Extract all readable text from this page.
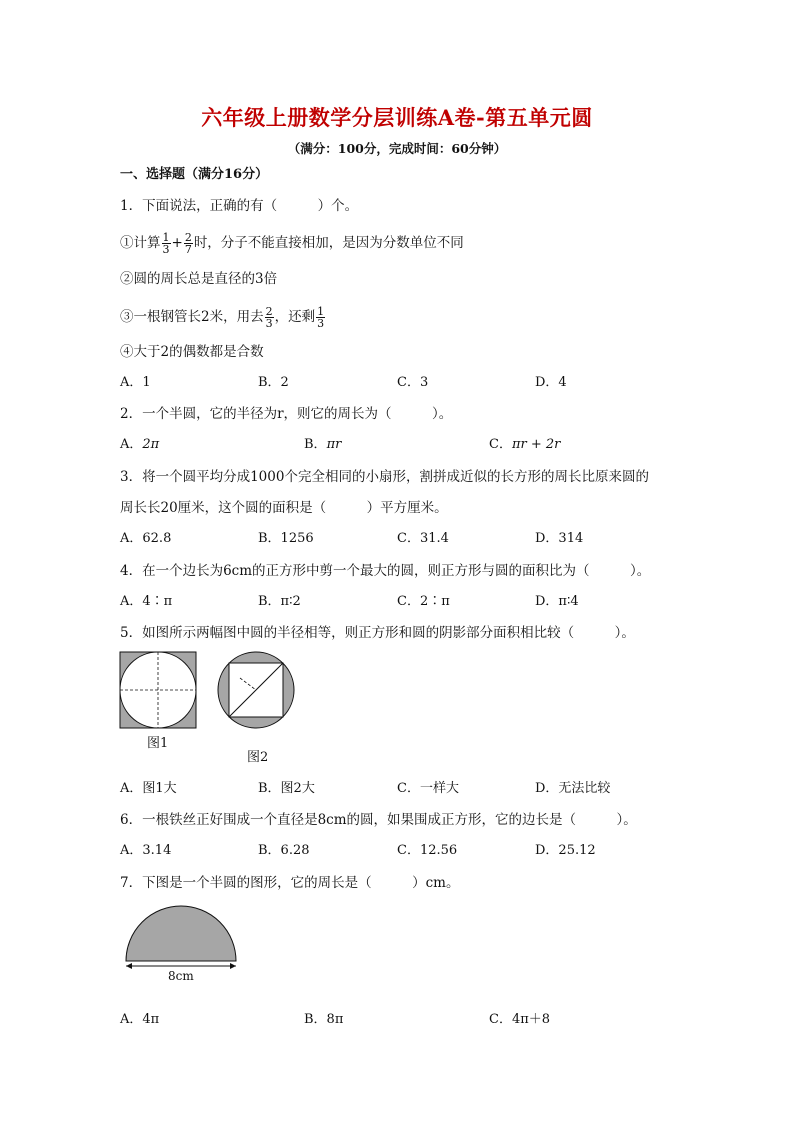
六年级上册数学分层训练A卷-第五单元圆
（满分：100分，完成时间：60分钟）
一、选择题（满分16分）
1．下面说法，正确的有（　　　）个。
①计算 $\frac{1}{3} + \frac{2}{7}$ 时，分子不能直接相加，是因为分数单位不同
②圆的周长总是直径的3倍
③一根钢管长2米，用去 $\frac{2}{3}$ ，还剩 $\frac{1}{3}$
④大于2的偶数都是合数
A．1	B．2	C．3	D．4
2．一个半圆，它的半径为r，则它的周长为（　　　）。
A．2π	B．πr	C．πr + 2r
3．将一个圆平均分成1000个完全相同的小扇形，割拼成近似的长方形的周长比原来圆的
周长长20厘米，这个圆的面积是（　　　）平方厘米。
A．62.8	B．1256	C．31.4	D．314
4．在一个边长为6cm的正方形中剪一个最大的圆，则正方形与圆的面积比为（　　　）。
A．4∶π	B．π∶2	C．2∶π	D．π∶4
5．如图所示两幅图中圆的半径相等，则正方形和圆的阴影部分面积相比较（　　　）。
图1
图2
A．图1大	B．图2大	C．一样大	D．无法比较
6．一根铁丝正好围成一个直径是8cm的圆，如果围成正方形，它的边长是（　　　）。
A．3.14	B．6.28	C．12.56	D．25.12
7．下图是一个半圆的图形，它的周长是（　　　）cm。
8cm
A．4π	B．8π	C．4π＋8
